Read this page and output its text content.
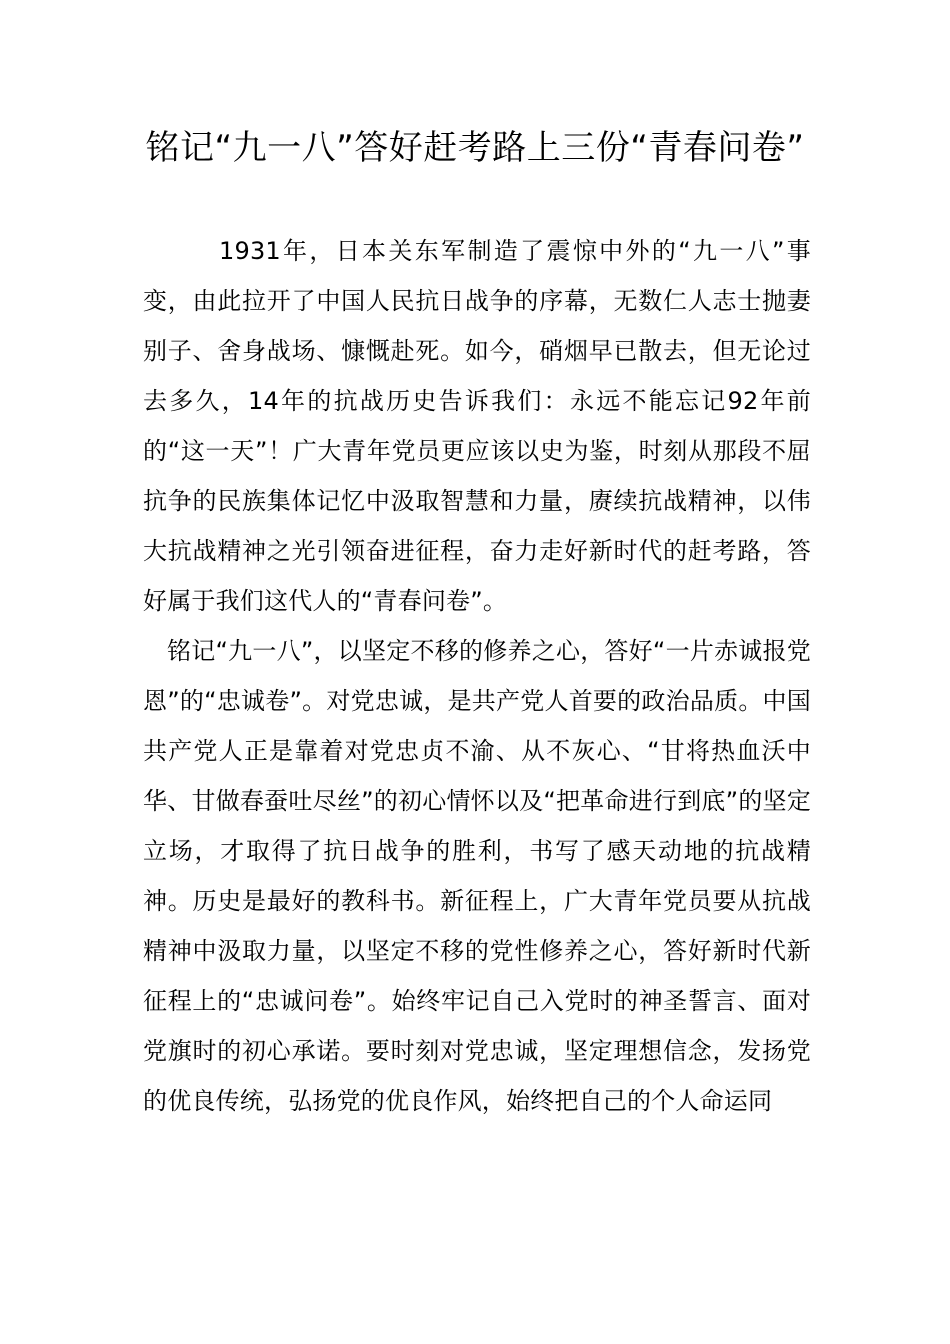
铭记“九一八”答好赶考路上三份“青春问卷”

1931年，日本关东军制造了震惊中外的“九一八”事变，由此拉开了中国人民抗日战争的序幕，无数仁人志士抛妻别子、舍身战场、慷慨赴死。如今，硝烟早已散去，但无论过去多久，14年的抗战历史告诉我们：永远不能忘记92年前的“这一天”！广大青年党员更应该以史为鉴，时刻从那段不屈抗争的民族集体记忆中汲取智慧和力量，赓续抗战精神，以伟大抗战精神之光引领奋进征程，奋力走好新时代的赶考路，答好属于我们这代人的“青春问卷”。

铭记“九一八”，以坚定不移的修养之心，答好“一片赤诚报党恩”的“忠诚卷”。对党忠诚，是共产党人首要的政治品质。中国共产党人正是靠着对党忠贞不渝、从不灰心、“甘将热血沃中华、甘做春蚕吐尽丝”的初心情怀以及“把革命进行到底”的坚定立场，才取得了抗日战争的胜利，书写了感天动地的抗战精神。历史是最好的教科书。新征程上，广大青年党员要从抗战精神中汲取力量，以坚定不移的党性修养之心，答好新时代新征程上的“忠诚问卷”。始终牢记自己入党时的神圣誓言、面对党旗时的初心承诺。要时刻对党忠诚，坚定理想信念，发扬党的优良传统，弘扬党的优良作风，始终把自己的个人命运同
